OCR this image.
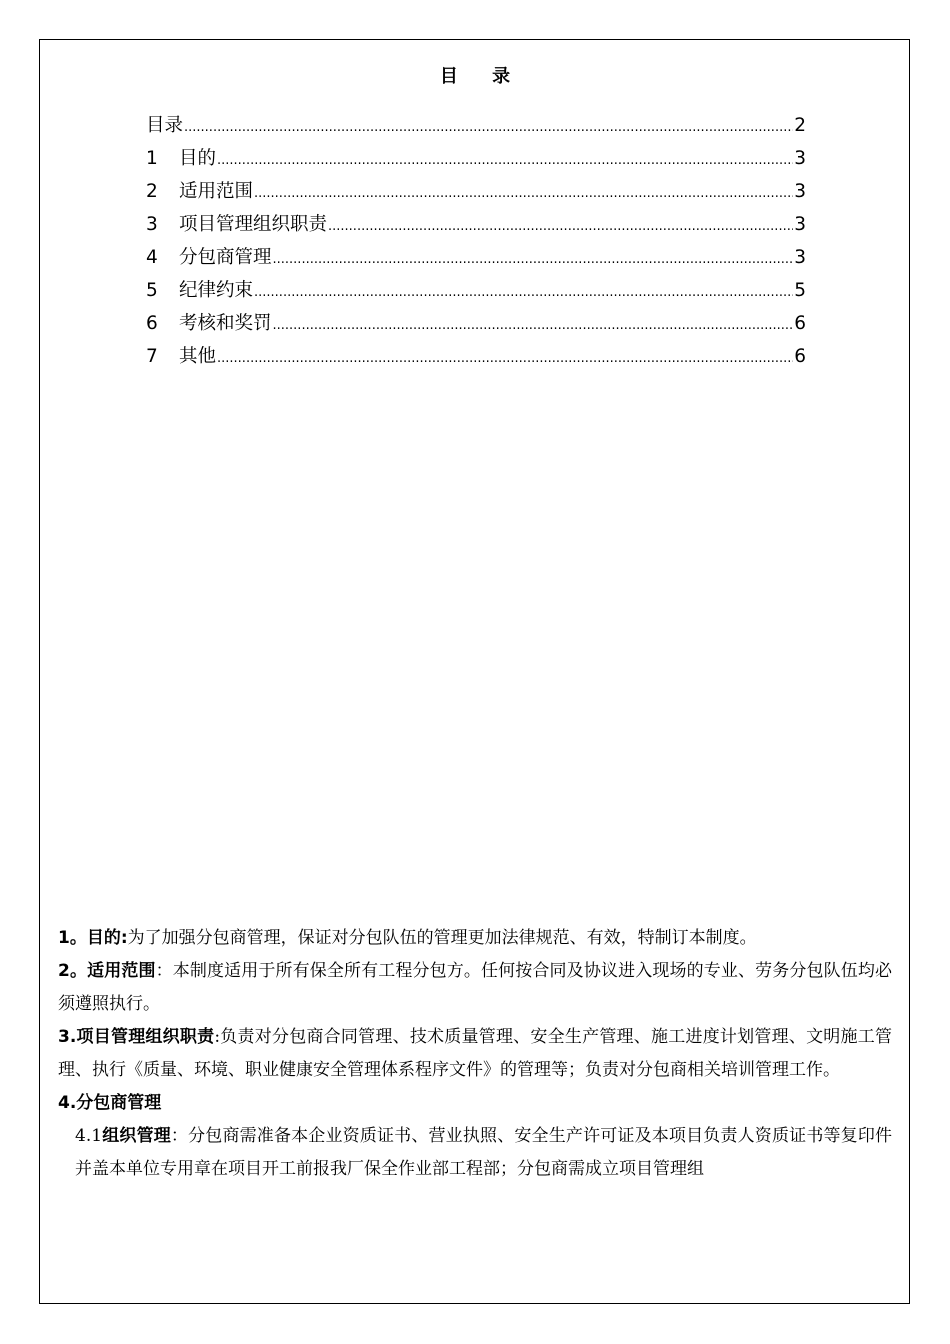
目 录
目录 .....	2
1	目的 .....	3
2	适用范围 .....	3
3	项目管理组织职责 .....	3
4	分包商管理 .....	3
5	纪律约束 .....	5
6	考核和奖罚 .....	6
7	其他 .....	6

1。目的:为了加强分包商管理，保证对分包队伍的管理更加法律规范、有效，特制订本制度。

2。适用范围：本制度适用于所有保全所有工程分包方。任何按合同及协议进入现场的专业、劳务分包队伍均必须遵照执行。

3.项目管理组织职责:负责对分包商合同管理、技术质量管理、安全生产管理、施工进度计划管理、文明施工管理、执行《质量、环境、职业健康安全管理体系程序文件》的管理等；负责对分包商相关培训管理工作。

4.分包商管理

4.1组织管理：分包商需准备本企业资质证书、营业执照、安全生产许可证及本项目负责人资质证书等复印件并盖本单位专用章在项目开工前报我厂保全作业部工程部；分包商需成立项目管理组
